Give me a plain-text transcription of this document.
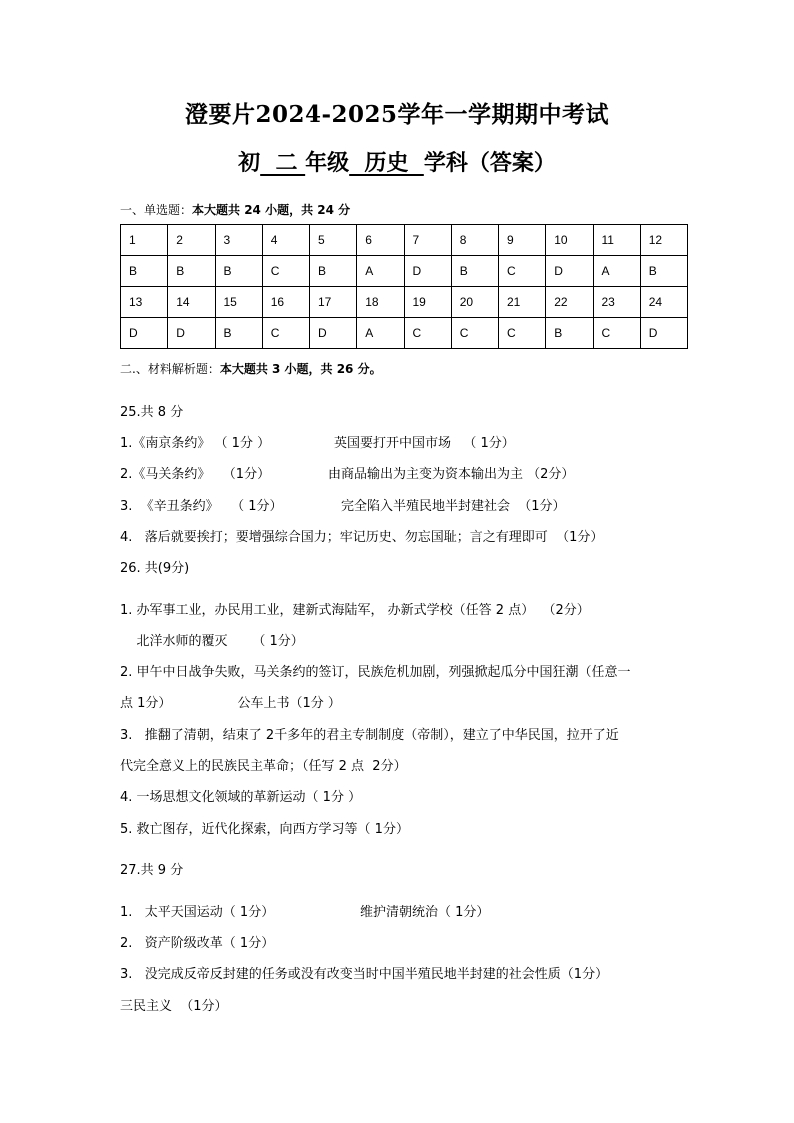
澄要片2024-2025学年一学期期中考试
初  二 年级  历史  学科（答案）
一、单选题：本大题共 24 小题，共 24 分
1	2	3	4	5	6	7	8	9	10	11	12
B	B	B	C	B	A	D	B	C	D	A	B
13	14	15	16	17	18	19	20	21	22	23	24
D	D	B	C	D	A	C	C	C	B	C	D
二.、材料解析题：本大题共 3 小题，共 26 分。
25.共 8 分
1.《南京条约》 （ 1分 ）	英国要打开中国市场   （ 1分）
2.《马关条约》   （1分）	由商品输出为主变为资本输出为主 （2分）
3.  《辛丑条约》   （ 1分）	完全陷入半殖民地半封建社会  （1分）
4.   落后就要挨打；要增强综合国力；牢记历史、勿忘国耻；言之有理即可  （1分）
26. 共(9分)
1. 办军事工业，办民用工业，建新式海陆军， 办新式学校（任答 2 点）  （2分）
北洋水师的覆灭      （ 1分）
2. 甲午中日战争失败，马关条约的签订，民族危机加剧，列强掀起瓜分中国狂潮（任意一
点 1分）                公车上书（1分 ）
3.   推翻了清朝，结束了 2千多年的君主专制制度（帝制），建立了中华民国，拉开了近
代完全意义上的民族民主革命；（任写 2 点  2分）
4. 一场思想文化领域的革新运动（ 1分 ）
5. 救亡图存，近代化探索，向西方学习等（ 1分）
27.共 9 分
1.   太平天国运动（ 1分）	维护清朝统治（ 1分）
2.   资产阶级改革（ 1分）
3.   没完成反帝反封建的任务或没有改变当时中国半殖民地半封建的社会性质（1分）
三民主义  （1分）
